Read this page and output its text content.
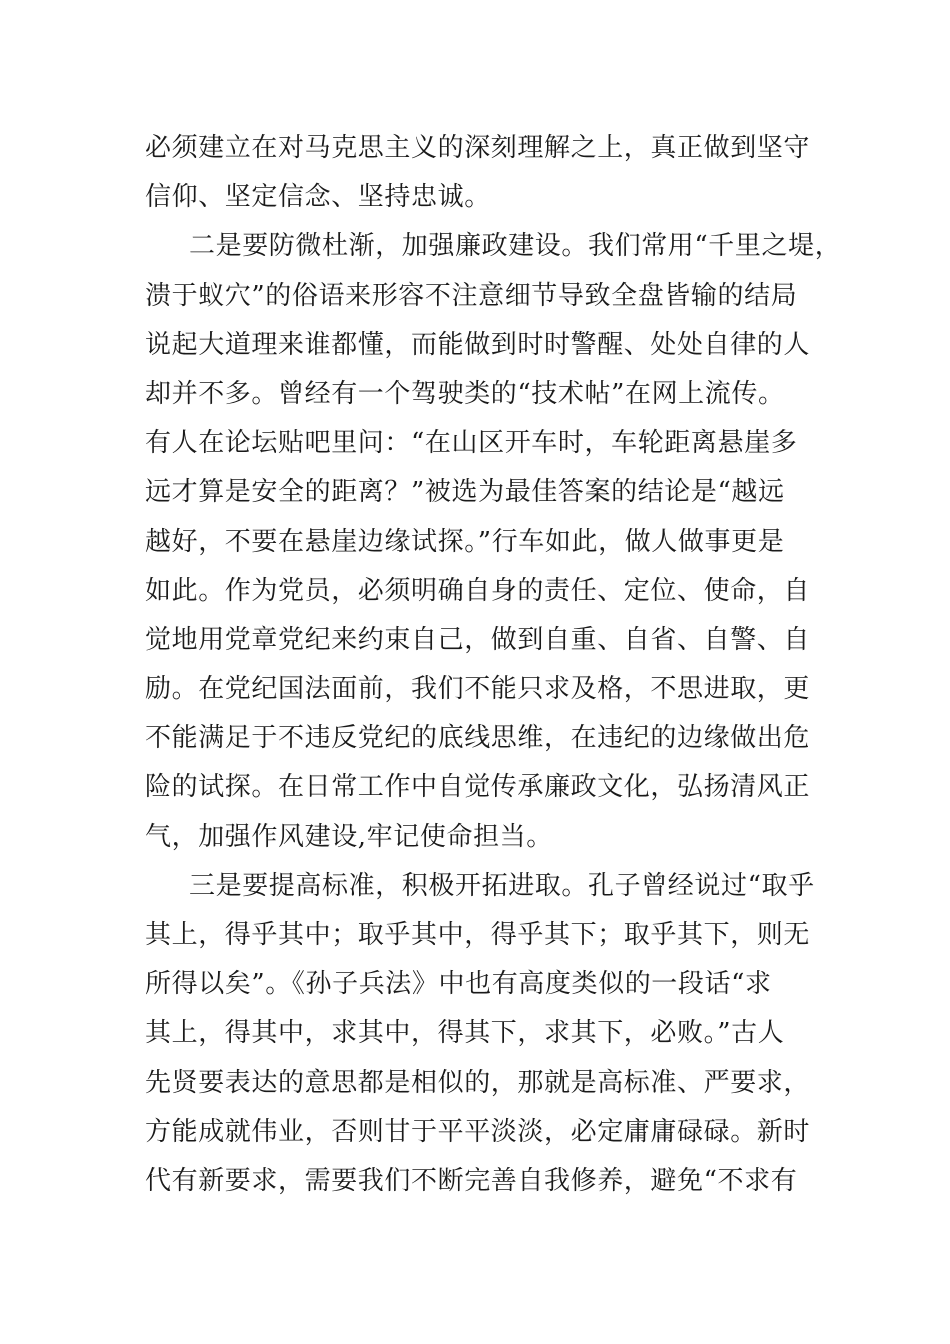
必须建立在对马克思主义的深刻理解之上，真正做到坚守
信仰、坚定信念、坚持忠诚。
二是要防微杜渐，加强廉政建设。我们常用“千里之堤，
溃于蚁穴”的俗语来形容不注意细节导致全盘皆输的结局
说起大道理来谁都懂，而能做到时时警醒、处处自律的人
却并不多。曾经有一个驾驶类的“技术帖”在网上流传。
有人在论坛贴吧里问：“在山区开车时，车轮距离悬崖多
远才算是安全的距离？”被选为最佳答案的结论是“越远
越好，不要在悬崖边缘试探。”行车如此，做人做事更是
如此。作为党员，必须明确自身的责任、定位、使命，自
觉地用党章党纪来约束自己，做到自重、自省、自警、自
励。在党纪国法面前，我们不能只求及格，不思进取，更
不能满足于不违反党纪的底线思维，在违纪的边缘做出危
险的试探。在日常工作中自觉传承廉政文化，弘扬清风正
气，加强作风建设,牢记使命担当。
三是要提高标准，积极开拓进取。孔子曾经说过“取乎
其上，得乎其中；取乎其中，得乎其下；取乎其下，则无
所得以矣”。《孙子兵法》中也有高度类似的一段话“求
其上，得其中，求其中，得其下，求其下，必败。”古人
先贤要表达的意思都是相似的，那就是高标准、严要求，
方能成就伟业，否则甘于平平淡淡，必定庸庸碌碌。新时
代有新要求，需要我们不断完善自我修养，避免“不求有
